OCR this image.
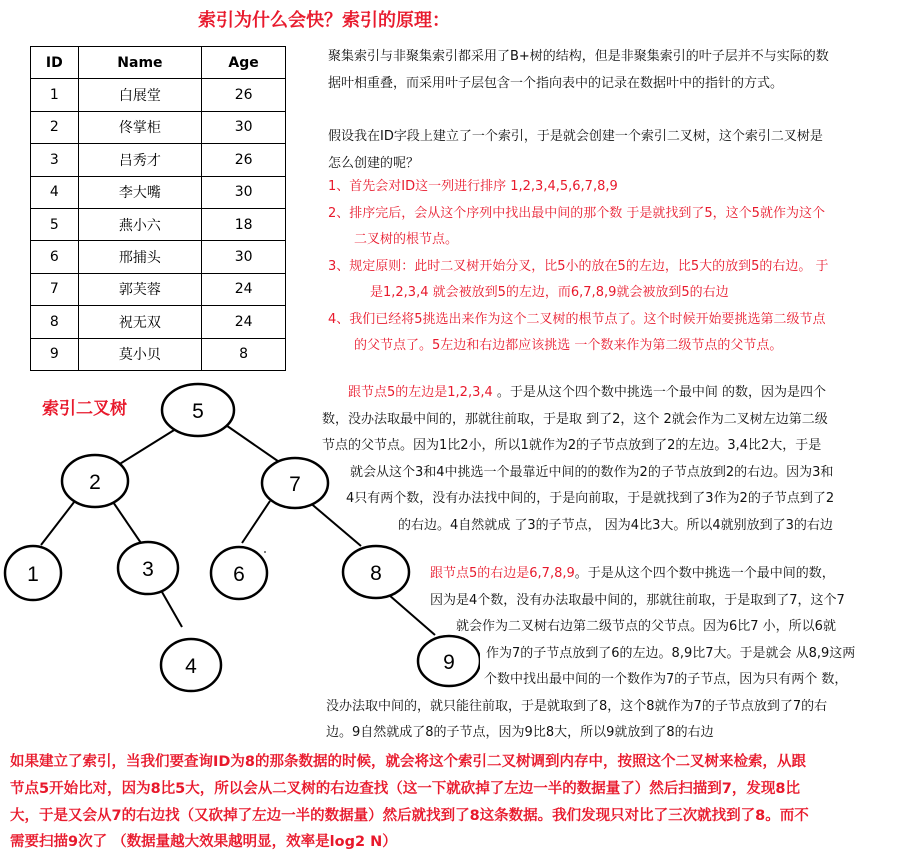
索引为什么会快？索引的原理：
ID	Name	Age
1	白展堂	26
2	佟掌柜	30
3	吕秀才	26
4	李大嘴	30
5	燕小六	18
6	邢捕头	30
7	郭芙蓉	24
8	祝无双	24
9	莫小贝	8
聚集索引与非聚集索引都采用了B+树的结构，但是非聚集索引的叶子层并不与实际的数
据叶相重叠，而采用叶子层包含一个指向表中的记录在数据叶中的指针的方式。
假设我在ID字段上建立了一个索引，于是就会创建一个索引二叉树，这个索引二叉树是
怎么创建的呢？
1、首先会对ID这一列进行排序 1,2,3,4,5,6,7,8,9
2、排序完后，会从这个序列中找出最中间的那个数 于是就找到了5，这个5就作为这个
二叉树的根节点。
3、规定原则：此时二叉树开始分叉，比5小的放在5的左边，比5大的放到5的右边。 于
是1,2,3,4 就会被放到5的左边，而6,7,8,9就会被放到5的右边
4、我们已经将5挑选出来作为这个二叉树的根节点了。这个时候开始要挑选第二级节点
的父节点了。5左边和右边都应该挑选 一个数来作为第二级节点的父节点。
跟节点5的左边是1,2,3,4 。于是从这个四个数中挑选一个最中间 的数，因为是四个
数，没办法取最中间的，那就往前取，于是取 到了2，这个 2就会作为二叉树左边第二级
节点的父节点。因为1比2小，所以1就作为2的子节点放到了2的左边。3,4比2大，于是
就会从这个3和4中挑选一个最靠近中间的的数作为2的子节点放到2的右边。因为3和
4只有两个数，没有办法找中间的，于是向前取，于是就找到了3作为2的子节点到了2
的右边。4自然就成 了3的子节点， 因为4比3大。所以4就别放到了3的右边
跟节点5的右边是6,7,8,9。于是从这个四个数中挑选一个最中间的数，
因为是4个数，没有办法取最中间的，那就往前取，于是取到了7，这个7
就会作为二叉树右边第二级节点的父节点。因为6比7 小，所以6就
作为7的子节点放到了6的左边。8,9比7大。于是就会 从8,9这两
个数中找出最中间的一个数作为7的子节点，因为只有两个 数，
没办法取中间的，就只能往前取，于是就取到了8，这个8就作为7的子节点放到了7的右
边。9自然就成了8的子节点，因为9比8大，所以9就放到了8的右边
索引二叉树	5
2	7
1	3	6	8
4	9
如果建立了索引，当我们要查询ID为8的那条数据的时候，就会将这个索引二叉树调到内存中，按照这个二叉树来检索，从跟
节点5开始比对，因为8比5大，所以会从二叉树的右边查找（这一下就砍掉了左边一半的数据量了）然后扫描到7，发现8比
大，于是又会从7的右边找（又砍掉了左边一半的数据量）然后就找到了8这条数据。我们发现只对比了三次就找到了8。而不
需要扫描9次了 （数据量越大效果越明显，效率是log2 N）
